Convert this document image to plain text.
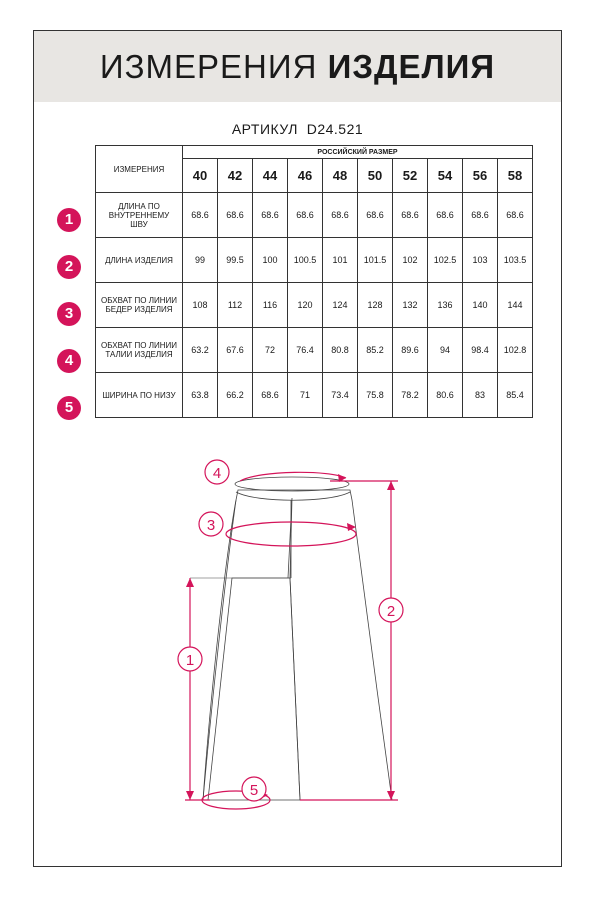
ИЗМЕРЕНИЯ ИЗДЕЛИЯ
АРТИКУЛ D24.521
ИЗМЕРЕНИЯ	РОССИЙСКИЙ РАЗМЕР									
	40	42	44	46	48	50	52	54	56	58
ДЛИНА ПО ВНУТРЕННЕМУ ШВУ	68.6	68.6	68.6	68.6	68.6	68.6	68.6	68.6	68.6	68.6
ДЛИНА ИЗДЕЛИЯ	99	99.5	100	100.5	101	101.5	102	102.5	103	103.5
ОБХВАТ ПО ЛИНИИ БЕДЕР ИЗДЕЛИЯ	108	112	116	120	124	128	132	136	140	144
ОБХВАТ ПО ЛИНИИ ТАЛИИ ИЗДЕЛИЯ	63.2	67.6	72	76.4	80.8	85.2	89.6	94	98.4	102.8
ШИРИНА ПО НИЗУ	63.8	66.2	68.6	71	73.4	75.8	78.2	80.6	83	85.4
1
2
3
4
5
4
3
2
1
5
